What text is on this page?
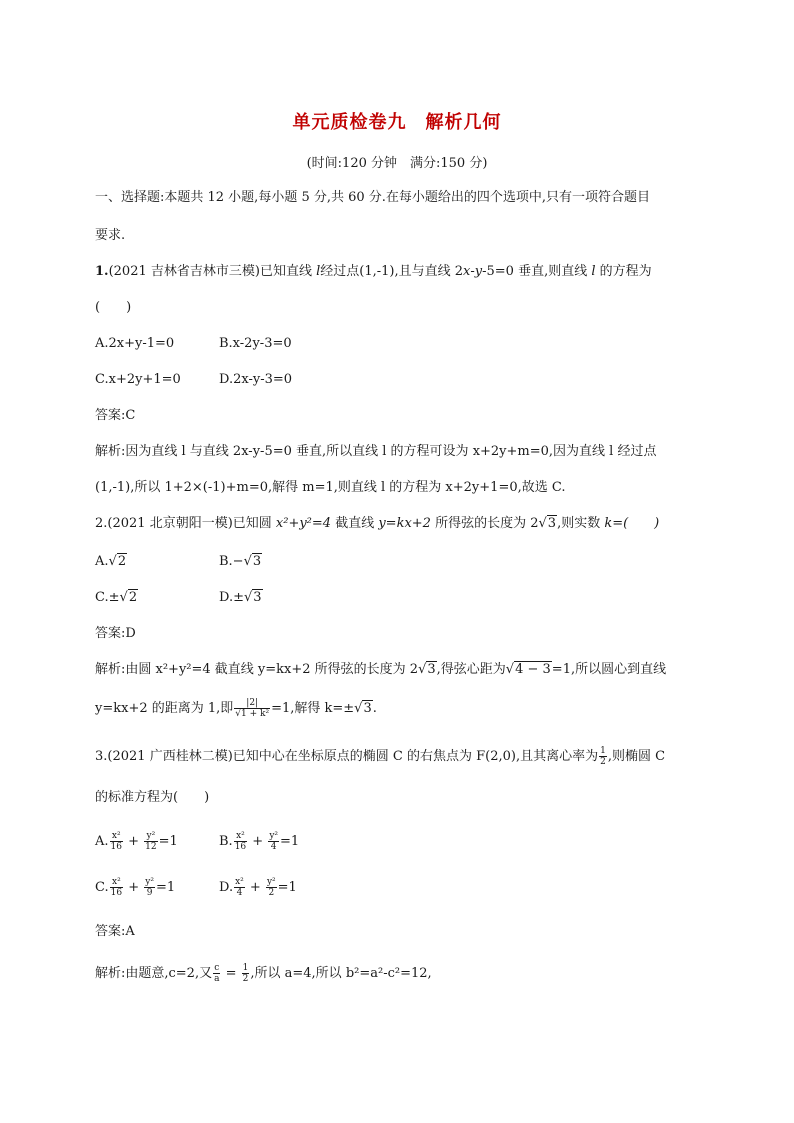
单元质检卷九　解析几何
(时间:120 分钟　满分:150 分)
一、选择题:本题共 12 小题,每小题 5 分,共 60 分.在每小题给出的四个选项中,只有一项符合题目
要求.
1.(2021 吉林省吉林市三模)已知直线 l经过点(1,-1),且与直线 2x-y-5=0 垂直,则直线 l 的方程为
(　　)
A.2x+y-1=0	B.x-2y-3=0
C.x+2y+1=0	D.2x-y-3=0
答案:C
解析:因为直线 l 与直线 2x-y-5=0 垂直,所以直线 l 的方程可设为 x+2y+m=0,因为直线 l 经过点
(1,-1),所以 1+2×(-1)+m=0,解得 m=1,则直线 l 的方程为 x+2y+1=0,故选 C.
2.(2021 北京朝阳一模)已知圆 x²+y²=4 截直线 y=kx+2 所得弦的长度为 2√3,则实数 k=(　　)
A.√2	B.−√3
C.±√2	D.±√3
答案:D
解析:由圆 x²+y²=4 截直线 y=kx+2 所得弦的长度为 2√3,得弦心距为√4 − 3=1,所以圆心到直线
y=kx+2 的距离为 1,即 $\frac{|2|}{\text{√1 + k²}} =1$,解得 k=±√3.
3.(2021 广西桂林二模)已知中心在坐标原点的椭圆 C 的右焦点为 F(2,0),且其离心率为 $\frac{1}{2}$ ,则椭圆 C
的标准方程为(　　)
A. $\frac{\text{x²}}{16} + \frac{\text{y²}}{12} =1$	B. $\frac{\text{x²}}{16} + \frac{\text{y²}}{4} =1$
C. $\frac{\text{x²}}{16} + \frac{\text{y²}}{9} =1$	D. $\frac{\text{x²}}{4} + \frac{\text{y²}}{2} =1$
答案:A
解析:由题意,c=2,又 $\frac{c}{a} = \frac{1}{2}$ ,所以 a=4,所以 b²=a²-c²=12,
